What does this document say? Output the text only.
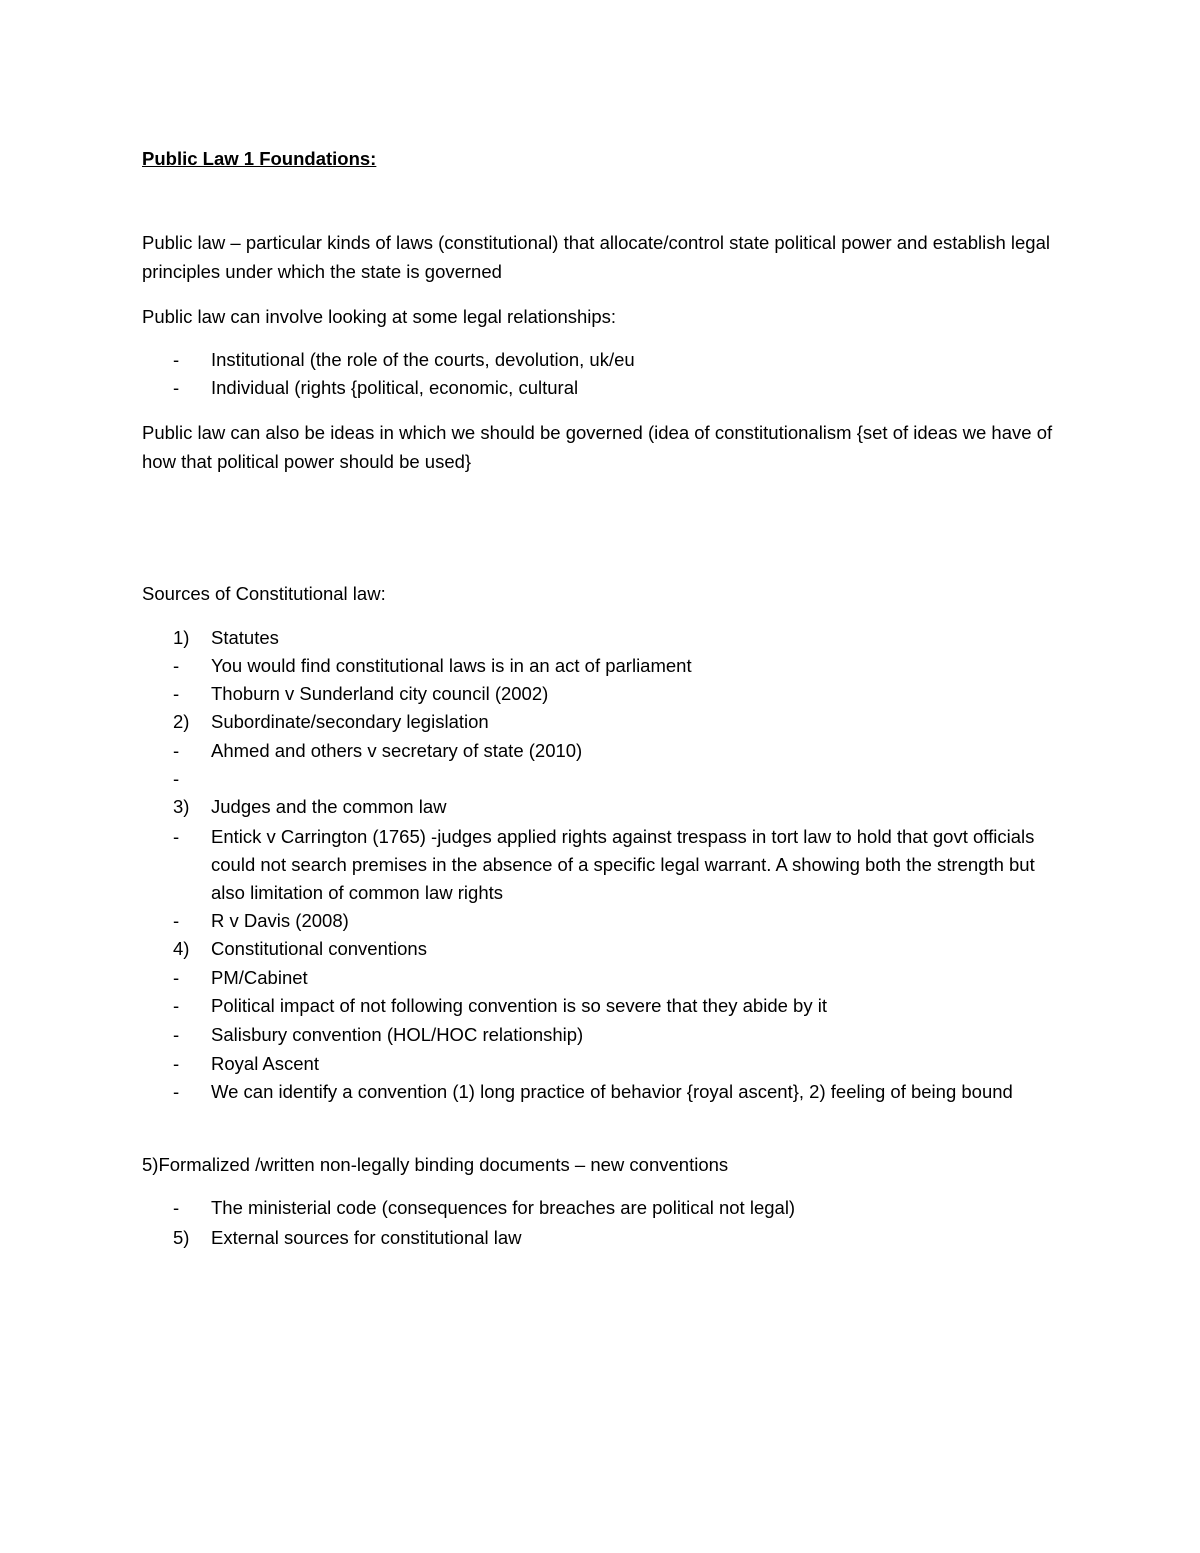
Public Law 1 Foundations:
Public law – particular kinds of laws (constitutional) that allocate/control state political power and establish legal principles under which the state is governed
Public law can involve looking at some legal relationships:
- Institutional (the role of the courts, devolution, uk/eu
- Individual (rights {political, economic, cultural
Public law can also be ideas in which we should be governed (idea of constitutionalism {set of ideas we have of how that political power should be used}
Sources of Constitutional law:
1) Statutes
- You would find constitutional laws is in an act of parliament
- Thoburn v Sunderland city council (2002)
2) Subordinate/secondary legislation
- Ahmed and others v secretary of state (2010)
-
3) Judges and the common law
- Entick v Carrington (1765) -judges applied rights against trespass in tort law to hold that govt officials could not search premises in the absence of a specific legal warrant. A showing both the strength but also limitation of common law rights
- R v Davis (2008)
4) Constitutional conventions
- PM/Cabinet
- Political impact of not following convention is so severe that they abide by it
- Salisbury convention (HOL/HOC relationship)
- Royal Ascent
- We can identify a convention (1) long practice of behavior {royal ascent}, 2) feeling of being bound
5)Formalized /written non-legally binding documents – new conventions
- The ministerial code (consequences for breaches are political not legal)
5) External sources for constitutional law
